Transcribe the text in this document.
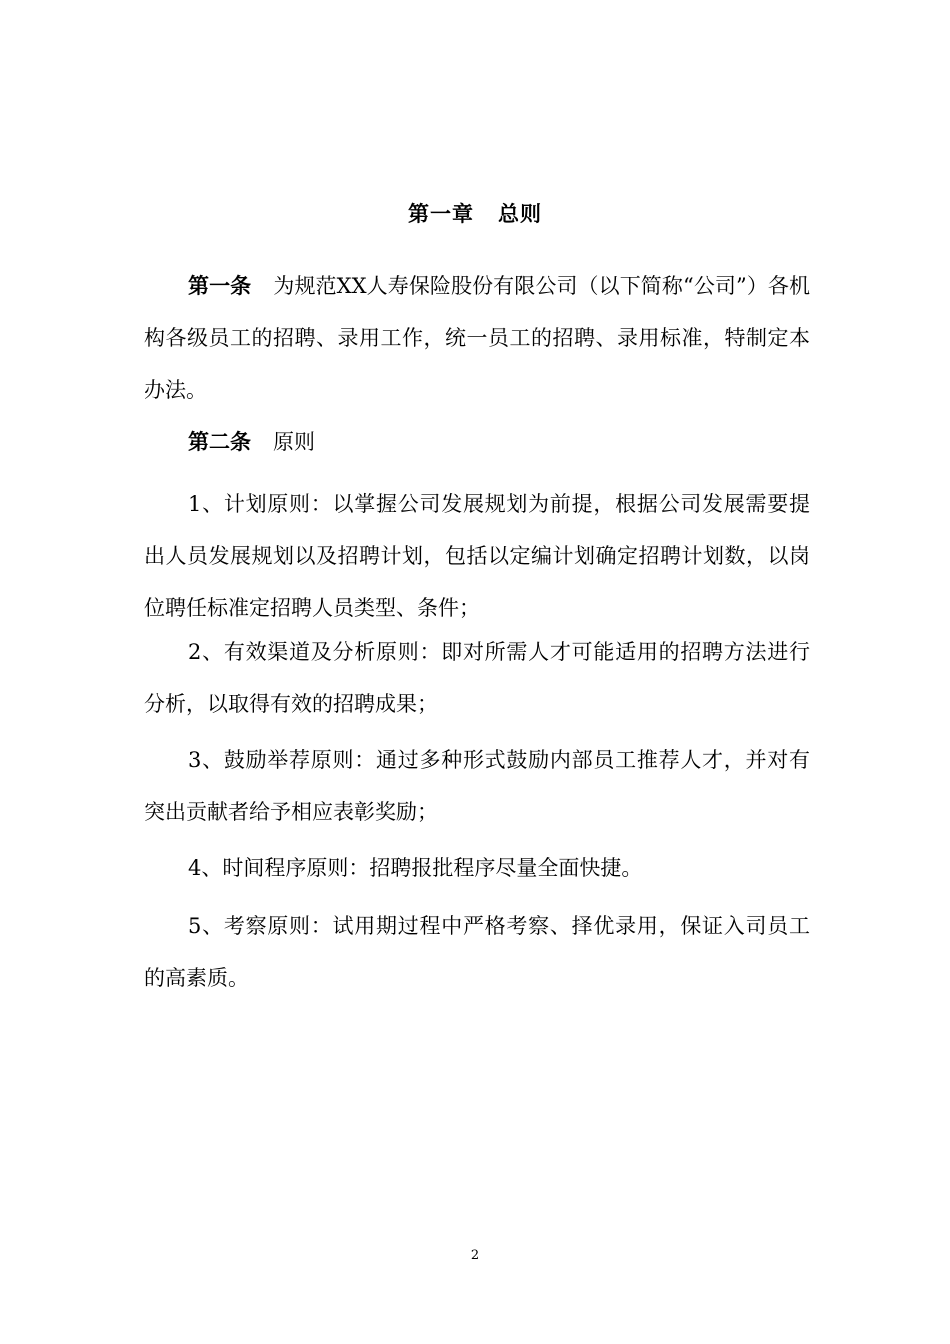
第一章 总则
第一条 为规范XX人寿保险股份有限公司（以下简称“公司”）各机构各级员工的招聘、录用工作，统一员工的招聘、录用标准，特制定本办法。
第二条 原则
1、计划原则：以掌握公司发展规划为前提，根据公司发展需要提出人员发展规划以及招聘计划，包括以定编计划确定招聘计划数，以岗位聘任标准定招聘人员类型、条件；
2、有效渠道及分析原则：即对所需人才可能适用的招聘方法进行分析，以取得有效的招聘成果；
3、鼓励举荐原则：通过多种形式鼓励内部员工推荐人才，并对有突出贡献者给予相应表彰奖励；
4、时间程序原则：招聘报批程序尽量全面快捷。
5、考察原则：试用期过程中严格考察、择优录用，保证入司员工的高素质。
2
